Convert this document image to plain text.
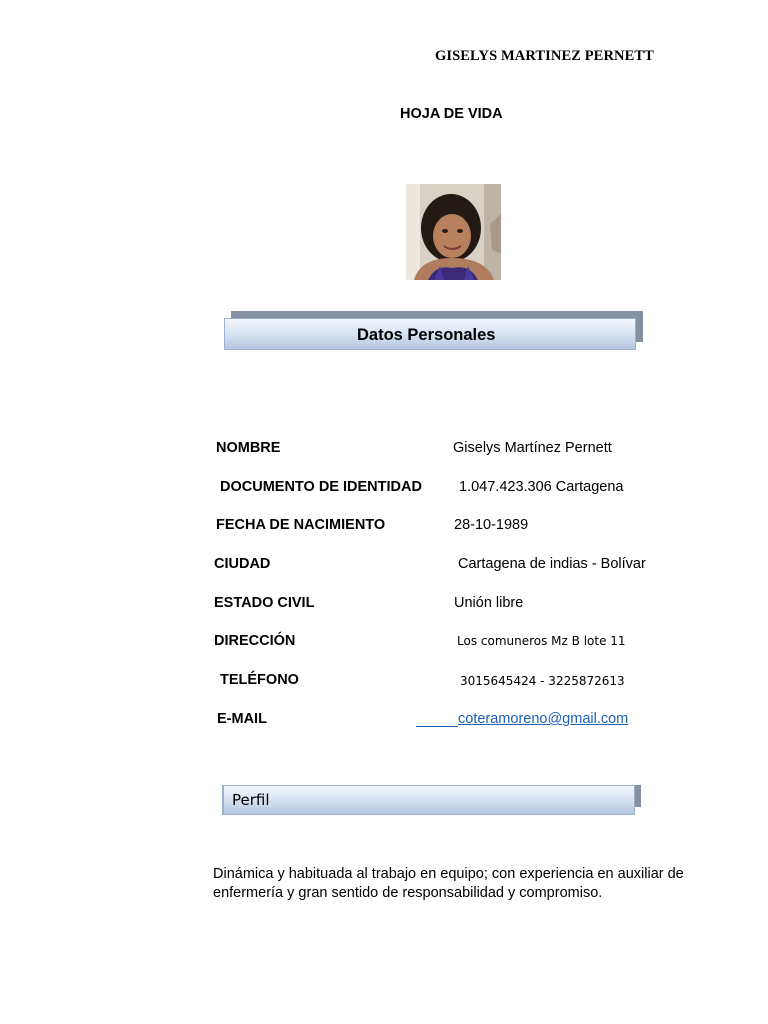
GISELYS MARTINEZ PERNETT
HOJA DE VIDA
Datos Personales
NOMBRE	Giselys Martínez Pernett
DOCUMENTO DE IDENTIDAD	1.047.423.306 Cartagena
FECHA DE NACIMIENTO	28-10-1989
CIUDAD	Cartagena de indias - Bolívar
ESTADO CIVIL	Unión libre
DIRECCIÓN	Los comuneros Mz B lote 11
TELÉFONO	3015645424 - 3225872613
E-MAIL	coteramoreno@gmail.com
Perfil
Dinámica y habituada al trabajo en equipo; con experiencia en auxiliar de enfermería y gran sentido de responsabilidad y compromiso.
